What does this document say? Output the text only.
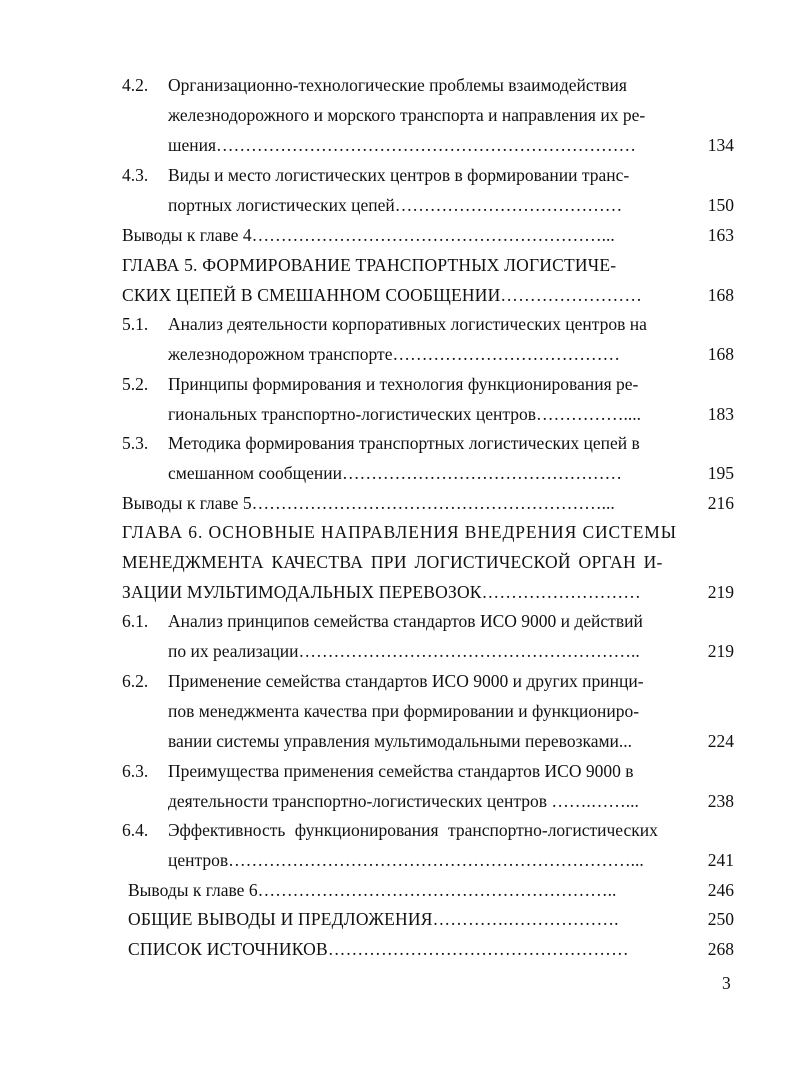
4.2.	Организационно-технологические проблемы взаимодействия
железнодорожного и морского транспорта и направления их ре-
шения………………………………………………………………	134
4.3.	Виды и место логистических центров в формировании транс-
портных логистических цепей…………………………………	150
Выводы к главе 4……………………………………………………...	163
ГЛАВА 5. ФОРМИРОВАНИЕ ТРАНСПОРТНЫХ ЛОГИСТИЧЕ-
СКИХ ЦЕПЕЙ В СМЕШАННОМ СООБЩЕНИИ……………………	168
5.1.	Анализ деятельности корпоративных логистических центров на
железнодорожном транспорте…………………………………	168
5.2.	Принципы формирования и технология функционирования ре-
гиональных транспортно-логистических центров……………....	183
5.3.	Методика формирования транспортных логистических цепей в
смешанном сообщении…………………………………………	195
Выводы к главе 5……………………………………………………...	216
ГЛАВА 6. ОСНОВНЫЕ НАПРАВЛЕНИЯ ВНЕДРЕНИЯ СИСТЕМЫ
МЕНЕДЖМЕНТА КАЧЕСТВА ПРИ ЛОГИСТИЧЕСКОЙ ОРГАН И-
ЗАЦИИ МУЛЬТИМОДАЛЬНЫХ ПЕРЕВОЗОК………………………	219
6.1.	Анализ принципов семейства стандартов ИСО 9000 и действий
по их реализации…………………………………………………..	219
6.2.	Применение семейства стандартов ИСО 9000 и других принци-
пов менеджмента качества при формировании и функциониро-
вании системы управления мультимодальными перевозками...	224
6.3.	Преимущества применения семейства стандартов ИСО 9000 в
деятельности транспортно-логистических центров …….……...	238
6.4.	Эффективность функционирования транспортно-логистических
центров……………………………………………………………...	241
Выводы к главе 6……………………………………………………..	246
ОБЩИЕ ВЫВОДЫ И ПРЕДЛОЖЕНИЯ………….……………….	250
СПИСОК ИСТОЧНИКОВ……………………………………………	268
3
